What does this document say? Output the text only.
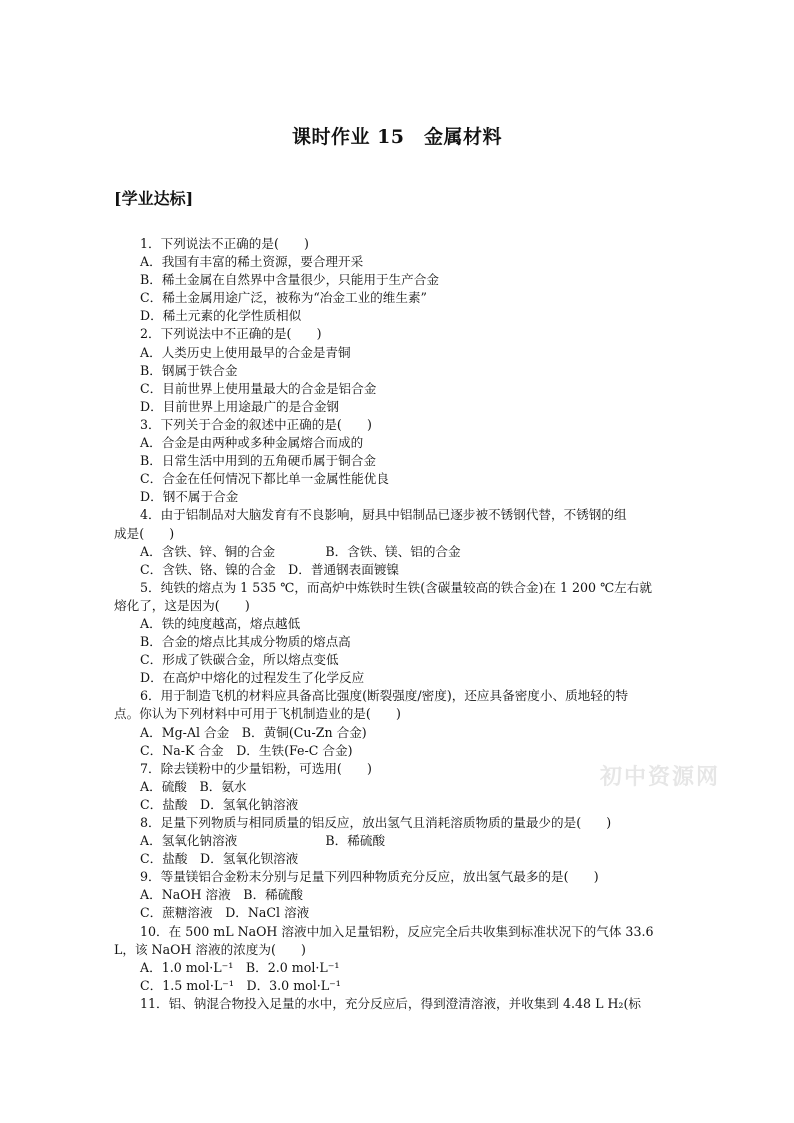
课时作业 15　金属材料
[学业达标]
初中资源网
1．下列说法不正确的是(　　)
A．我国有丰富的稀土资源，要合理开采
B．稀土金属在自然界中含量很少，只能用于生产合金
C．稀土金属用途广泛，被称为“冶金工业的维生素”
D．稀土元素的化学性质相似
2．下列说法中不正确的是(　　)
A．人类历史上使用最早的合金是青铜
B．钢属于铁合金
C．目前世界上使用量最大的合金是铝合金
D．目前世界上用途最广的是合金钢
3．下列关于合金的叙述中正确的是(　　)
A．合金是由两种或多种金属熔合而成的
B．日常生活中用到的五角硬币属于铜合金
C．合金在任何情况下都比单一金属性能优良
D．钢不属于合金
4．由于铝制品对大脑发育有不良影响，厨具中铝制品已逐步被不锈钢代替，不锈钢的组
成是(　　)
A．含铁、锌、铜的合金　　　　B．含铁、镁、铝的合金
C．含铁、铬、镍的合金　D．普通钢表面镀镍
5．纯铁的熔点为 1 535 ℃，而高炉中炼铁时生铁(含碳量较高的铁合金)在 1 200 ℃左右就
熔化了，这是因为(　　)
A．铁的纯度越高，熔点越低
B．合金的熔点比其成分物质的熔点高
C．形成了铁碳合金，所以熔点变低
D．在高炉中熔化的过程发生了化学反应
6．用于制造飞机的材料应具备高比强度(断裂强度/密度)，还应具备密度小、质地轻的特
点。你认为下列材料中可用于飞机制造业的是(　　)
A．Mg-Al 合金　B．黄铜(Cu-Zn 合金)
C．Na-K 合金　D．生铁(Fe-C 合金)
7．除去镁粉中的少量铝粉，可选用(　　)
A．硫酸　B．氨水
C．盐酸　D．氢氧化钠溶液
8．足量下列物质与相同质量的铝反应，放出氢气且消耗溶质物质的量最少的是(　　)
A．氢氧化钠溶液　　　　　　　B．稀硫酸
C．盐酸　D．氢氧化钡溶液
9．等量镁铝合金粉末分别与足量下列四种物质充分反应，放出氢气最多的是(　　)
A．NaOH 溶液　B．稀硫酸
C．蔗糖溶液　D．NaCl 溶液
10．在 500 mL NaOH 溶液中加入足量铝粉，反应完全后共收集到标准状况下的气体 33.6
L，该 NaOH 溶液的浓度为(　　)
A．1.0 mol·L⁻¹　B．2.0 mol·L⁻¹
C．1.5 mol·L⁻¹　D．3.0 mol·L⁻¹
11．铝、钠混合物投入足量的水中，充分反应后，得到澄清溶液，并收集到 4.48 L H₂(标
